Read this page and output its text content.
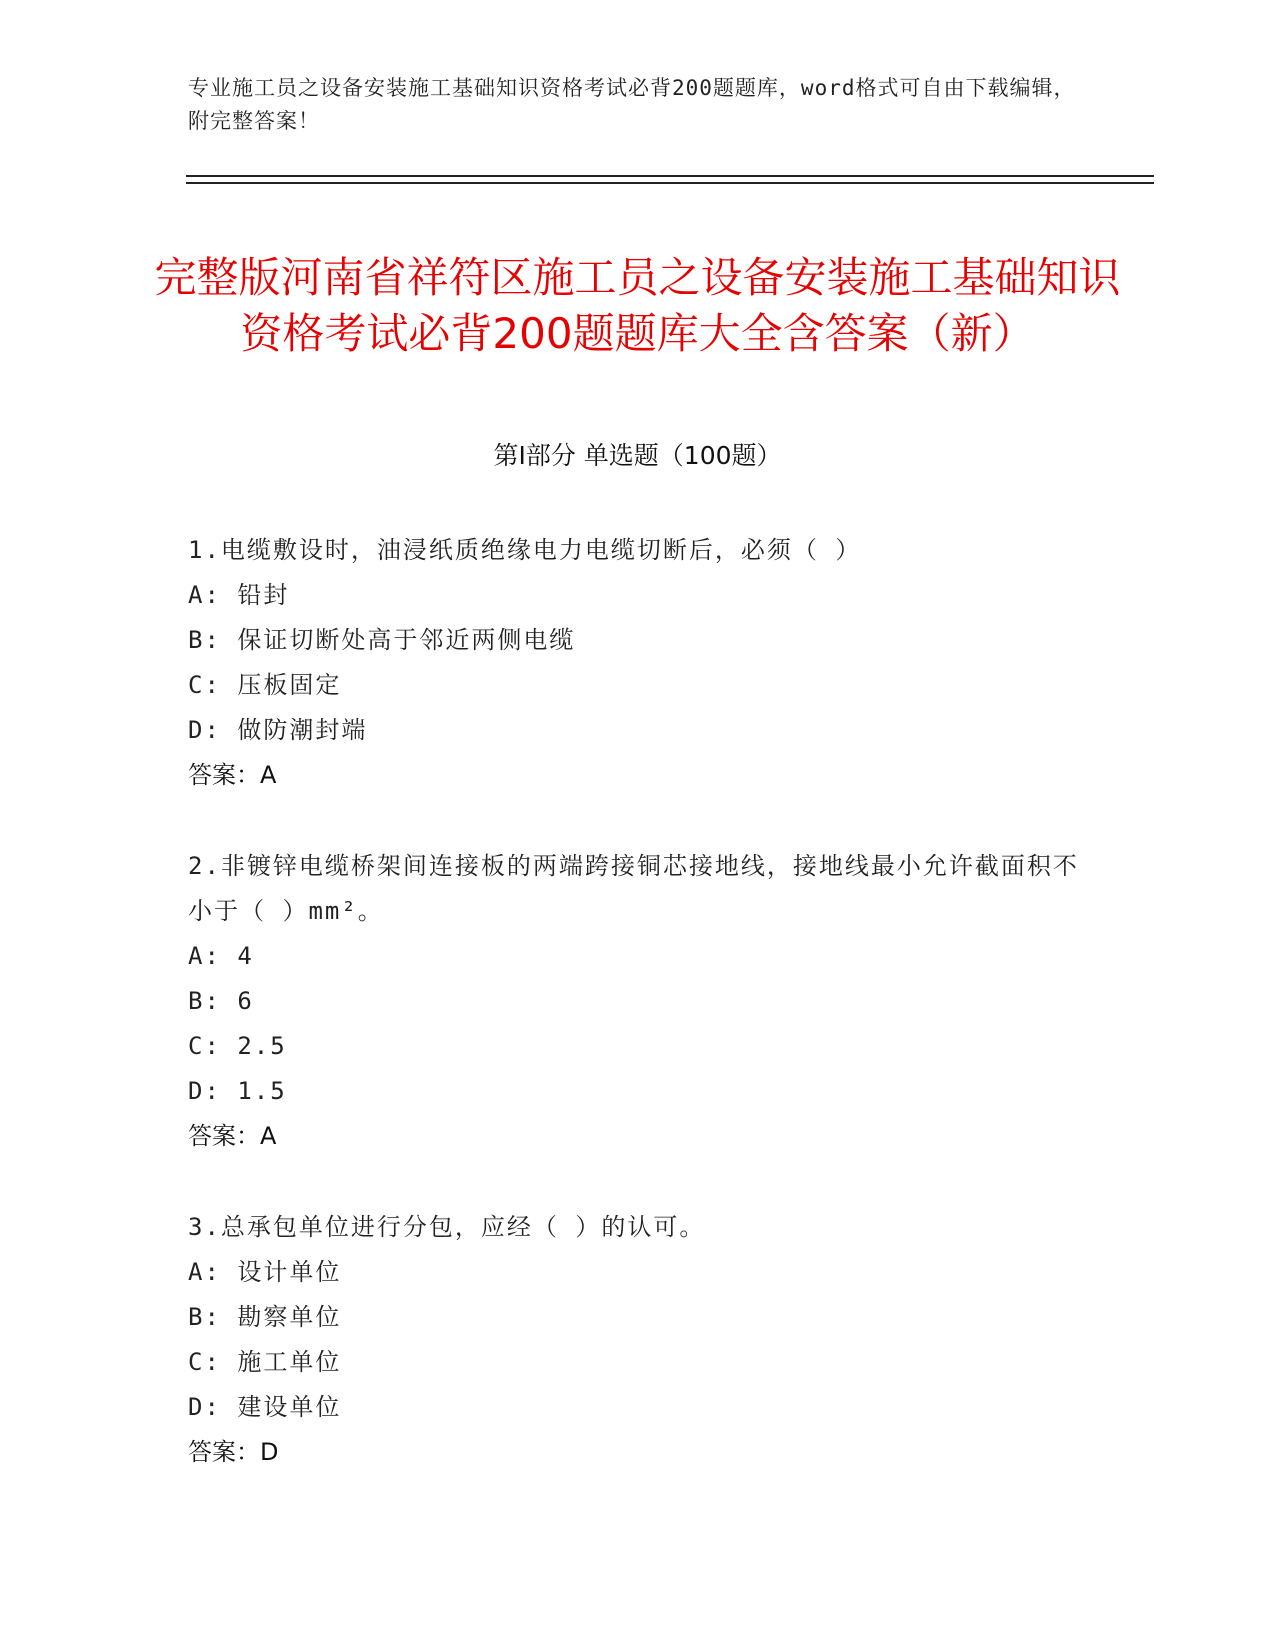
专业施工员之设备安装施工基础知识资格考试必背200题题库，word格式可自由下载编辑，附完整答案！
完整版河南省祥符区施工员之设备安装施工基础知识资格考试必背200题题库大全含答案（新）
第Ⅰ部分 单选题（100题）

1.电缆敷设时，油浸纸质绝缘电力电缆切断后，必须（ ）

A: 铅封

B: 保证切断处高于邻近两侧电缆

C: 压板固定

D: 做防潮封端

答案：A

2.非镀锌电缆桥架间连接板的两端跨接铜芯接地线，接地线最小允许截面积不小于（ ）mm²。

A: 4

B: 6

C: 2.5

D: 1.5

答案：A

3.总承包单位进行分包，应经（ ）的认可。

A: 设计单位

B: 勘察单位

C: 施工单位

D: 建设单位

答案：D
